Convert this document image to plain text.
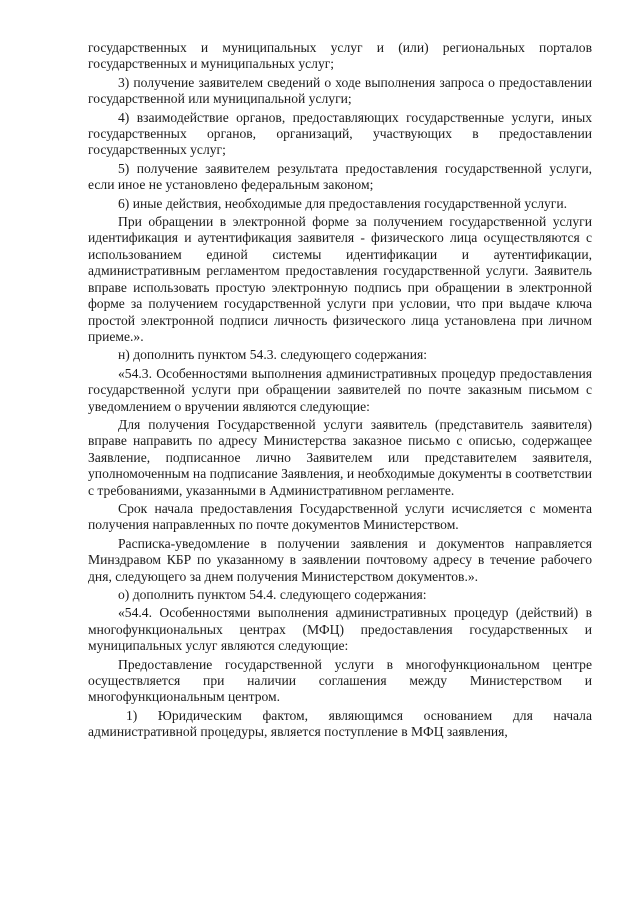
государственных и муниципальных услуг и (или) региональных порталов государственных и муниципальных услуг;

3) получение заявителем сведений о ходе выполнения запроса о предоставлении государственной или муниципальной услуги;

4) взаимодействие органов, предоставляющих государственные услуги, иных государственных органов, организаций, участвующих в предоставлении государственных услуг;

5) получение заявителем результата предоставления государственной услуги, если иное не установлено федеральным законом;

6) иные действия, необходимые для предоставления государственной услуги.

При обращении в электронной форме за получением государственной услуги идентификация и аутентификация заявителя - физического лица осуществляются с использованием единой системы идентификации и аутентификации, административным регламентом предоставления государственной услуги. Заявитель вправе использовать простую электронную подпись при обращении в электронной форме за получением государственной услуги при условии, что при выдаче ключа простой электронной подписи личность физического лица установлена при личном приеме.».

н) дополнить пунктом 54.3. следующего содержания:

«54.3. Особенностями выполнения административных процедур предоставления государственной услуги при обращении заявителей по почте заказным письмом с уведомлением о вручении являются следующие:

Для получения Государственной услуги заявитель (представитель заявителя) вправе направить по адресу Министерства заказное письмо с описью, содержащее Заявление, подписанное лично Заявителем или представителем заявителя, уполномоченным на подписание Заявления, и необходимые документы в соответствии с требованиями, указанными в Административном регламенте.

Срок начала предоставления Государственной услуги исчисляется с момента получения направленных по почте документов Министерством.

Расписка-уведомление в получении заявления и документов направляется Минздравом КБР по указанному в заявлении почтовому адресу в течение рабочего дня, следующего за днем получения Министерством документов.».

о) дополнить пунктом 54.4. следующего содержания:

«54.4. Особенностями выполнения административных процедур (действий) в многофункциональных центрах (МФЦ) предоставления государственных и муниципальных услуг являются следующие:

Предоставление государственной услуги в многофункциональном центре осуществляется при наличии соглашения между Министерством и многофункциональным центром.

1) Юридическим фактом, являющимся основанием для начала административной процедуры, является поступление в МФЦ заявления,
